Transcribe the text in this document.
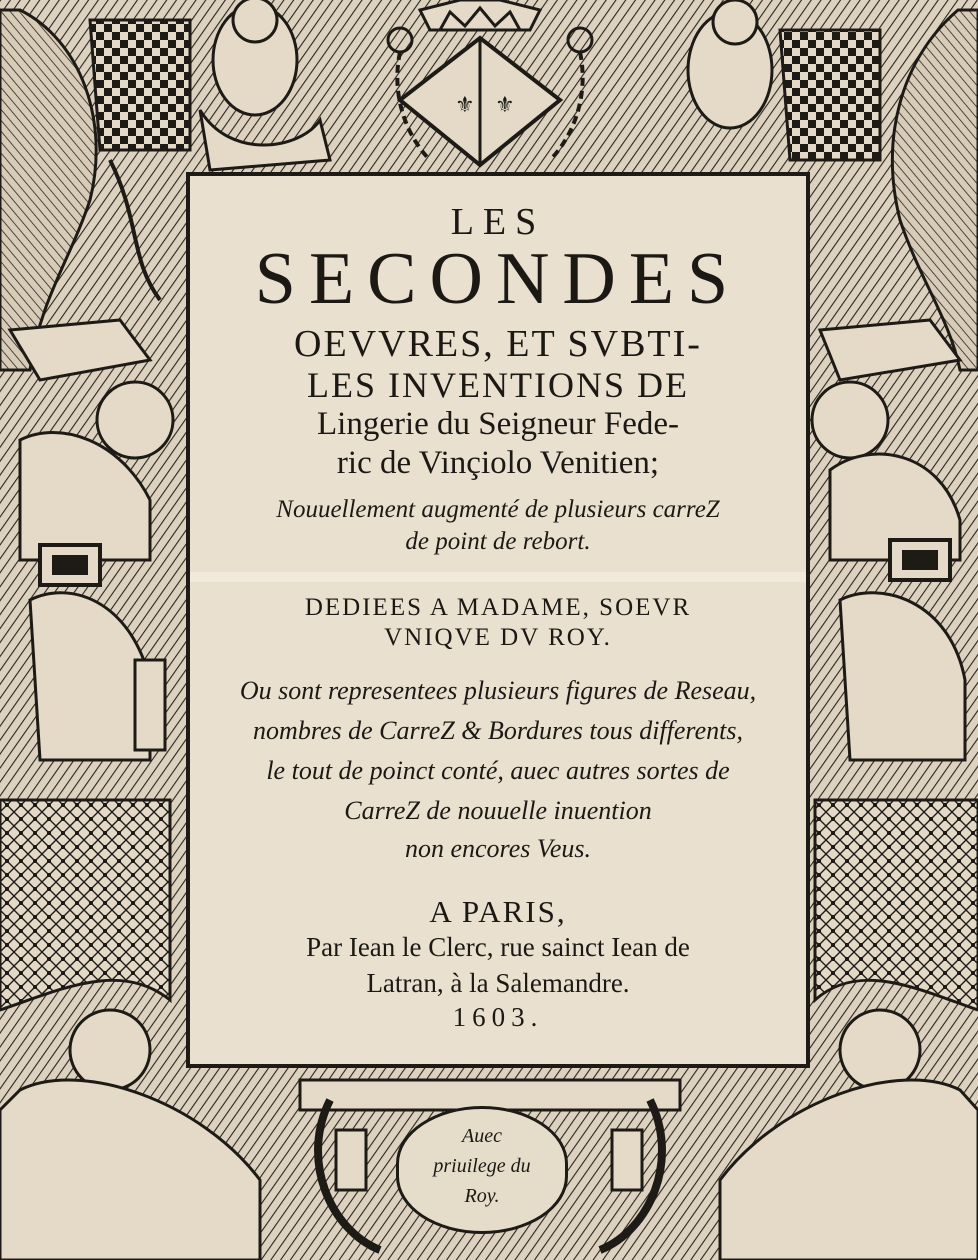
⚜ ⚜
LES
SECONDES
OEVVRES, ET SVBTI-
LES INVENTIONS DE
Lingerie du Seigneur Fede-
ric de Vinçiolo Venitien;
Nouuellement augmenté de plusieurs carreZ
de point de rebort.
DEDIEES A MADAME, SOEVR
VNIQVE DV ROY.
Ou sont representees plusieurs figures de Reseau,
nombres de CarreZ & Bordures tous differents,
le tout de poinct conté, auec autres sortes de
CarreZ de nouuelle inuention
non encores Veus.
A PARIS,
Par Iean le Clerc, rue sainct Iean de
Latran, à la Salemandre.
1603.
Auec
priuilege du
Roy.
